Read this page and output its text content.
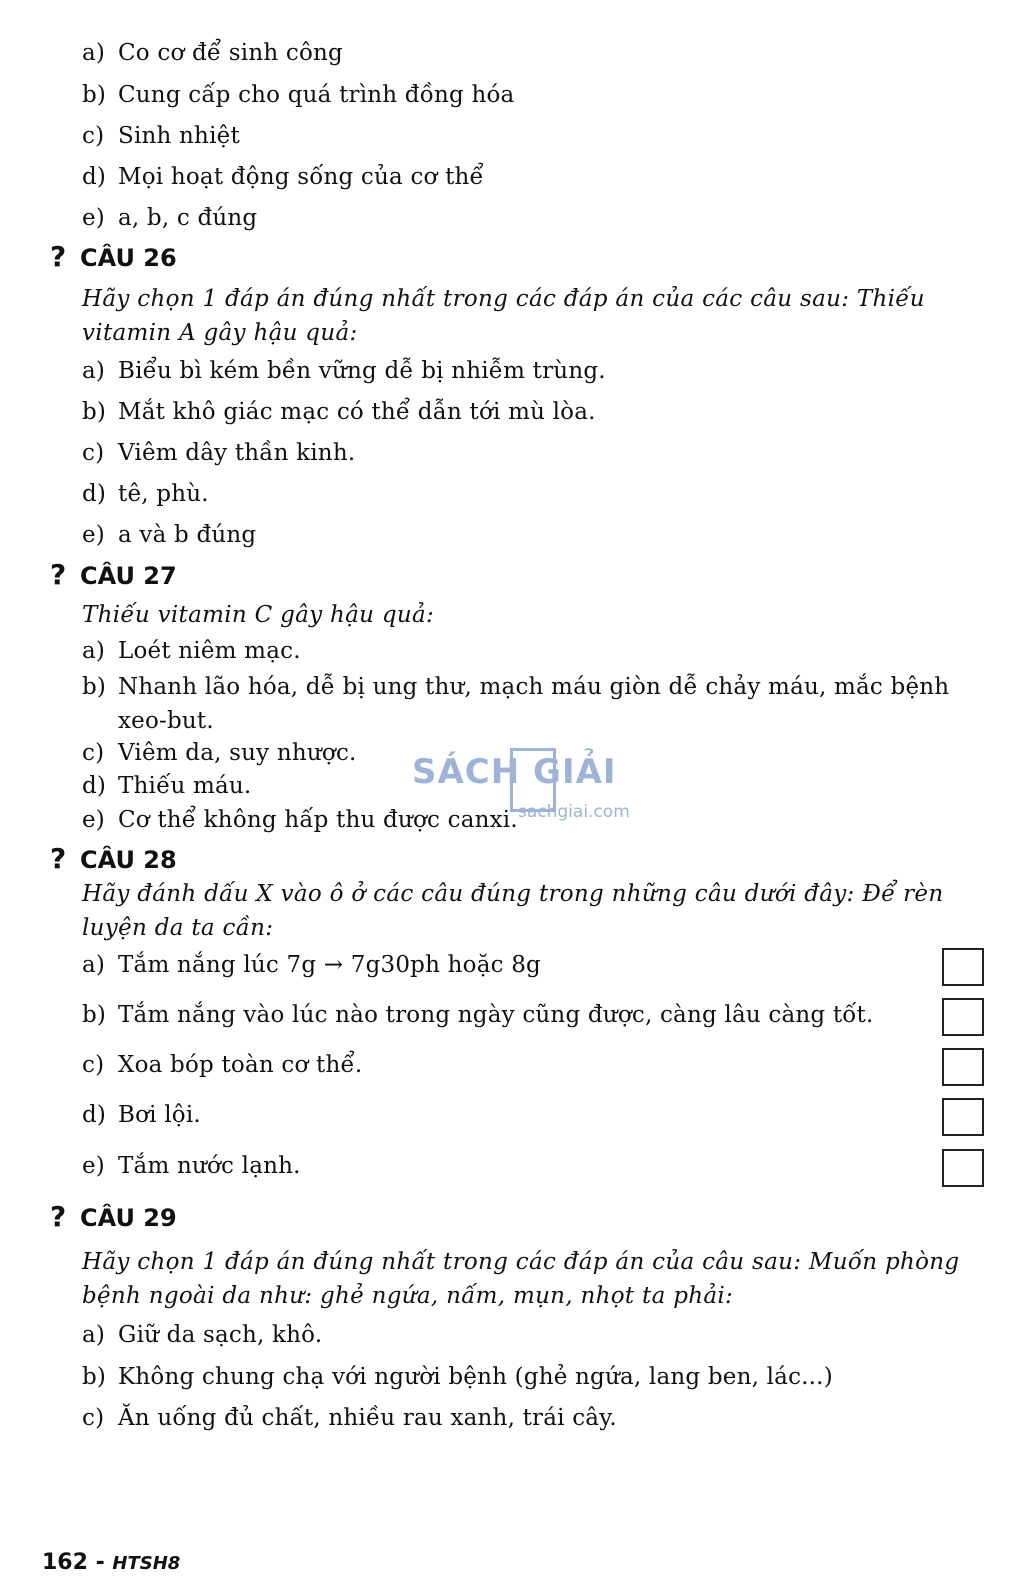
a) Co cơ để sinh công
b) Cung cấp cho quá trình đồng hóa
c) Sinh nhiệt
d) Mọi hoạt động sống của cơ thể
e) a, b, c đúng
? CÂU 26
Hãy chọn 1 đáp án đúng nhất trong các đáp án của các câu sau: Thiếu vitamin A gây hậu quả:
a) Biểu bì kém bền vững dễ bị nhiễm trùng.
b) Mắt khô giác mạc có thể dẫn tới mù lòa.
c) Viêm dây thần kinh.
d) tê, phù.
e) a và b đúng
? CÂU 27
Thiếu vitamin C gây hậu quả:
a) Loét niêm mạc.
b) Nhanh lão hóa, dễ bị ung thư, mạch máu giòn dễ chảy máu, mắc bệnh xeo-but.
c) Viêm da, suy nhược.
d) Thiếu máu.
e) Cơ thể không hấp thu được canxi.
? CÂU 28
Hãy đánh dấu X vào ô ở các câu đúng trong những câu dưới đây: Để rèn luyện da ta cần:
a) Tắm nắng lúc 7g → 7g30ph hoặc 8g
b) Tắm nắng vào lúc nào trong ngày cũng được, càng lâu càng tốt.
c) Xoa bóp toàn cơ thể.
d) Bơi lội.
e) Tắm nước lạnh.
? CÂU 29
Hãy chọn 1 đáp án đúng nhất trong các đáp án của câu sau: Muốn phòng bệnh ngoài da như: ghẻ ngứa, nấm, mụn, nhọt ta phải:
a) Giữ da sạch, khô.
b) Không chung chạ với người bệnh (ghẻ ngứa, lang ben, lác...)
c) Ăn uống đủ chất, nhiều rau xanh, trái cây.
SÁCH GIẢI
sachgiai.com
162 - HTSH8
